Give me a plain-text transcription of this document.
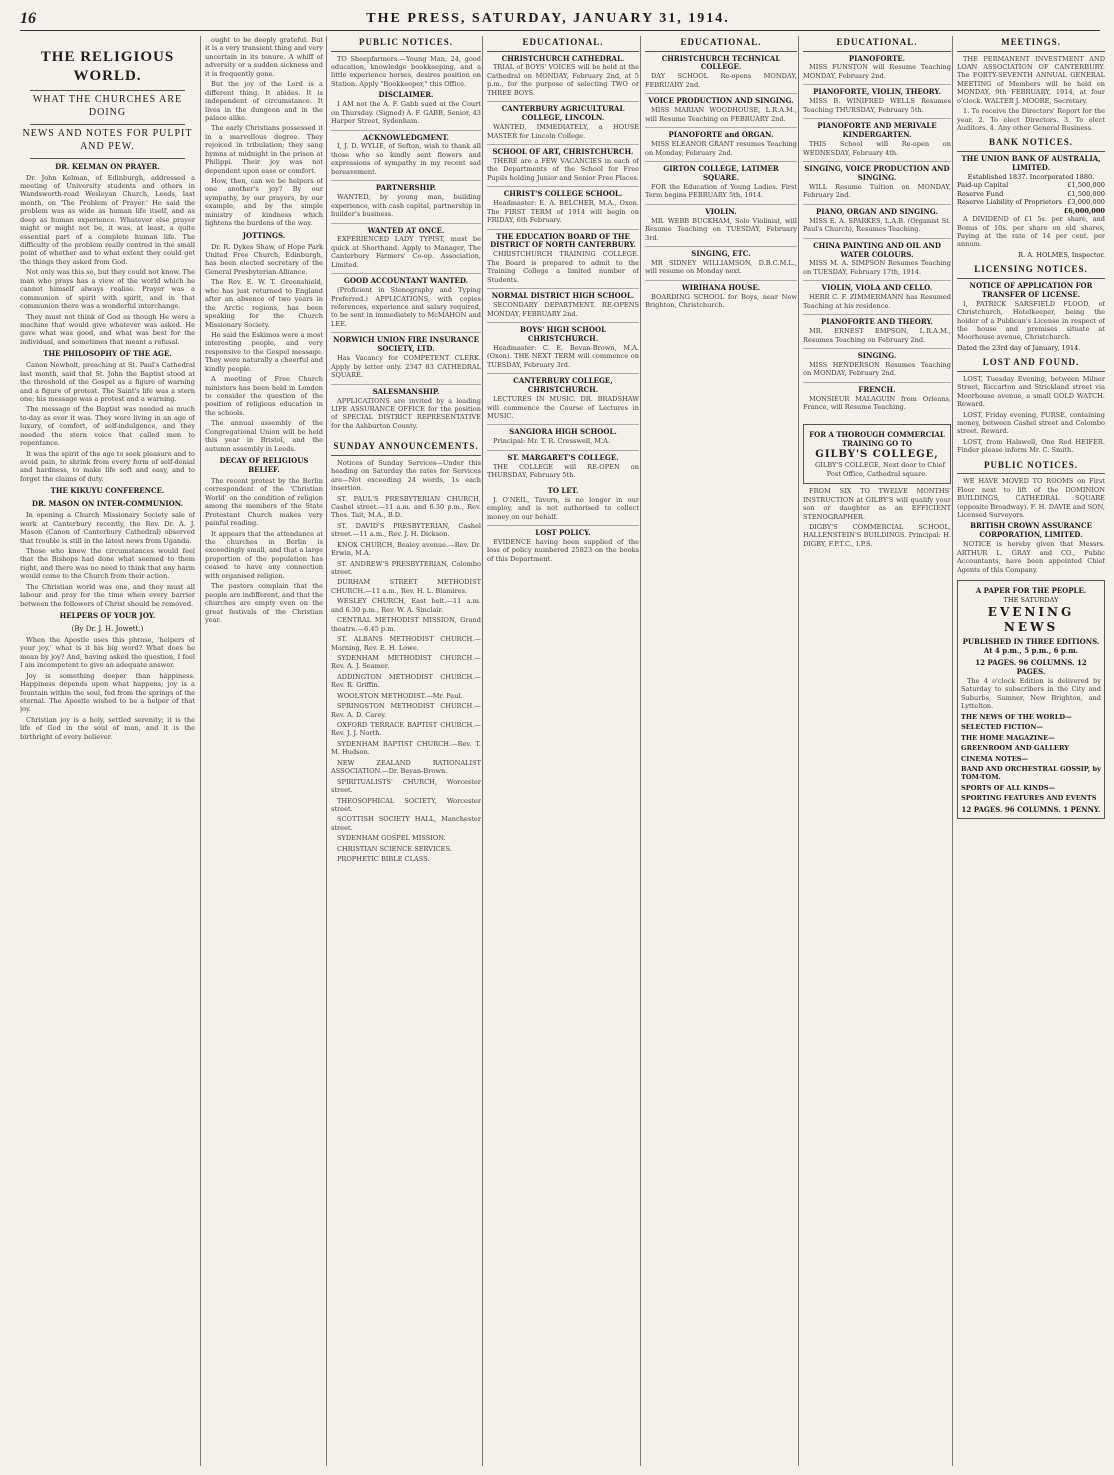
16	THE PRESS, SATURDAY, JANUARY 31, 1914.
THE RELIGIOUS WORLD.
WHAT THE CHURCHES ARE DOING
NEWS AND NOTES FOR PULPIT AND PEW.
DR. KELMAN ON PRAYER.

Dr. John Kelman, of Edinburgh, addressed a meeting of University students and others in Wandsworth-road Wesleyan Church, Leeds, last month, on 'The Problem of Prayer.' He said the problem was as wide as human life itself, and as deep as human experience. Whatever else prayer might or might not be, it was, at least, a quite essential part of a complete human life. The difficulty of the problem really centred in the small point of whether and to what extent they could get the things they asked from God.

Not only was this so, but they could not know. The man who prays has a view of the world which he cannot himself always realise. Prayer was a communion of spirit with spirit, and in that communion there was a wonderful interchange.

They must not think of God as though He were a machine that would give whatever was asked. He gave what was good, and what was best for the individual, and sometimes that meant a refusal.

THE PHILOSOPHY OF THE AGE.

Canon Newbolt, preaching at St. Paul's Cathedral last month, said that St. John the Baptist stood at the threshold of the Gospel as a figure of warning and a figure of protest. The Saint's life was a stern one; his message was a protest and a warning.

The message of the Baptist was needed as much to-day as ever it was. They were living in an age of luxury, of comfort, of self-indulgence, and they needed the stern voice that called men to repentance.

It was the spirit of the age to seek pleasure and to avoid pain, to shrink from every form of self-denial and hardness, to make life soft and easy, and to forget the claims of duty.

THE KIKUYU CONFERENCE.
DR. MASON ON INTER-COMMUNION.

In opening a Church Missionary Society sale of work at Canterbury recently, the Rev. Dr. A. J. Mason (Canon of Canterbury Cathedral) observed that trouble is still in the latest news from Uganda.

Those who knew the circumstances would feel that the Bishops had done what seemed to them right, and there was no need to think that any harm would come to the Church from their action.

The Christian world was one, and they must all labour and pray for the time when every barrier between the followers of Christ should be removed.

HELPERS OF YOUR JOY.
(By Dr. J. H. Jowett.)

When the Apostle uses this phrase, 'helpers of your joy,' what is it his big word? What does he mean by joy? And, having asked the question, I feel I am incompetent to give an adequate answer.

Joy is something deeper than happiness. Happiness depends upon what happens; joy is a fountain within the soul, fed from the springs of the eternal. The Apostle wished to be a helper of that joy.

Christian joy is a holy, settled serenity; it is the life of God in the soul of man, and it is the birthright of every believer.

ought to be deeply grateful. But it is a very transient thing and very uncertain in its tenure. A whiff of adversity or a sudden sickness and it is frequently gone.

But the joy of the Lord is a different thing. It abides. It is independent of circumstance. It lives in the dungeon and in the palace alike.

The early Christians possessed it in a marvellous degree. They rejoiced in tribulation; they sang hymns at midnight in the prison at Philippi. Their joy was not dependent upon ease or comfort.

How, then, can we be helpers of one another's joy? By our sympathy, by our prayers, by our example, and by the simple ministry of kindness which lightens the burdens of the way.

JOTTINGS.

Dr. R. Dykes Shaw, of Hope Park United Free Church, Edinburgh, has been elected secretary of the General Presbyterian Alliance.

The Rev. E. W. T. Greenshield, who has just returned to England after an absence of two years in the Arctic regions, has been speaking for the Church Missionary Society.

He said the Eskimos were a most interesting people, and very responsive to the Gospel message. They were naturally a cheerful and kindly people.

A meeting of Free Church ministers has been held in London to consider the question of the position of religious education in the schools.

The annual assembly of the Congregational Union will be held this year in Bristol, and the autumn assembly in Leeds.

DECAY OF RELIGIOUS BELIEF.

The recent protest by the Berlin correspondent of the 'Christian World' on the condition of religion among the members of the State Protestant Church makes very painful reading.

It appears that the attendance at the churches in Berlin is exceedingly small, and that a large proportion of the population has ceased to have any connection with organised religion.

The pastors complain that the people are indifferent, and that the churches are empty even on the great festivals of the Christian year.

PUBLIC NOTICES.

TO Sheepfarmers.—Young Man, 24, good education, knowledge bookkeeping, and a little experience horses, desires position on Station. Apply "Bookkeeper," this Office.

DISCLAIMER.

I AM not the A. F. Gabb sued at the Court on Thursday. (Signed) A. F. GABB, Senior, 43 Harper Street, Sydenham.

ACKNOWLEDGMENT.

I, J. D. WYLIE, of Sefton, wish to thank all those who so kindly sent flowers and expressions of sympathy in my recent sad bereavement.

PARTNERSHIP.

WANTED, by young man, building experience, with cash capital, partnership in builder's business.

WANTED AT ONCE.

EXPERIENCED LADY TYPIST, must be quick at Shorthand. Apply to Manager, The Canterbury Farmers' Co-op. Association, Limited.

GOOD ACCOUNTANT WANTED.

(Proficient in Stenography and Typing Preferred.) APPLICATIONS, with copies references, experience and salary required, to be sent in immediately to McMAHON and LEE.

NORWICH UNION FIRE INSURANCE SOCIETY, LTD.

Has Vacancy for COMPETENT CLERK. Apply by letter only. 2347 83 CATHEDRAL SQUARE.

SALESMANSHIP.

APPLICATIONS are invited by a leading LIFE ASSURANCE OFFICE for the position of SPECIAL DISTRICT REPRESENTATIVE for the Ashburton County.

SUNDAY ANNOUNCEMENTS.

Notices of Sunday Services—Under this heading on Saturday the rates for Services are—Not exceeding 24 words, 1s each insertion.

ST. PAUL'S PRESBYTERIAN CHURCH, Cashel street.—11 a.m. and 6.30 p.m., Rev. Thos. Tait, M.A., B.D.

ST. DAVID'S PRESBYTERIAN, Cashel street.—11 a.m., Rev. J. H. Dickson.

KNOX CHURCH, Bealey avenue.—Rev. Dr. Erwin, M.A.

ST. ANDREW'S PRESBYTERIAN, Colombo street.

DURHAM STREET METHODIST CHURCH.—11 a.m., Rev. H. L. Blamires.

WESLEY CHURCH, East belt.—11 a.m. and 6.30 p.m., Rev. W. A. Sinclair.

CENTRAL METHODIST MISSION, Grand theatre.—6.45 p.m.

ST. ALBANS METHODIST CHURCH.—Morning, Rev. E. H. Lowe.

SYDENHAM METHODIST CHURCH.—Rev. A. J. Seamer.

ADDINGTON METHODIST CHURCH.—Rev. R. Griffin.

WOOLSTON METHODIST.—Mr. Paul.

SPRINGSTON METHODIST CHURCH.—Rev. A. D. Carey.

OXFORD TERRACE BAPTIST CHURCH.—Rev. J. J. North.

SYDENHAM BAPTIST CHURCH.—Rev. T. M. Hudson.

NEW ZEALAND RATIONALIST ASSOCIATION.—Dr. Bevan-Brown.

SPIRITUALISTS' CHURCH, Worcester street.

THEOSOPHICAL SOCIETY, Worcester street.

SCOTTISH SOCIETY HALL, Manchester street.

SYDENHAM GOSPEL MISSION.

CHRISTIAN SCIENCE SERVICES.

PROPHETIC BIBLE CLASS.

EDUCATIONAL.
CHRISTCHURCH CATHEDRAL.

TRIAL of BOYS' VOICES will be held at the Cathedral on MONDAY, February 2nd, at 5 p.m., for the purpose of selecting TWO or THREE BOYS.

CANTERBURY AGRICULTURAL COLLEGE, LINCOLN.

WANTED, IMMEDIATELY, a HOUSE MASTER for Lincoln College.

SCHOOL OF ART, CHRISTCHURCH.

THERE are a FEW VACANCIES in each of the Departments of the School for Free Pupils holding Junior and Senior Free Places.

CHRIST'S COLLEGE SCHOOL.

Headmaster: E. A. BELCHER, M.A., Oxon. The FIRST TERM of 1914 will begin on FRIDAY, 6th February.

THE EDUCATION BOARD OF THE DISTRICT OF NORTH CANTERBURY.

CHRISTCHURCH TRAINING COLLEGE. The Board is prepared to admit to the Training College a limited number of Students.

NORMAL DISTRICT HIGH SCHOOL.

SECONDARY DEPARTMENT. RE-OPENS MONDAY, FEBRUARY 2nd.

BOYS' HIGH SCHOOL CHRISTCHURCH.

Headmaster: C. E. Bevan-Brown, M.A. (Oxon). THE NEXT TERM will commence on TUESDAY, February 3rd.

CANTERBURY COLLEGE, CHRISTCHURCH.

LECTURES IN MUSIC. DR. BRADSHAW will commence the Course of Lectures in MUSIC.

SANGIORA HIGH SCHOOL.

Principal: Mr. T. R. Cresswell, M.A.

ST. MARGARET'S COLLEGE.

THE COLLEGE will RE-OPEN on THURSDAY, February 5th.

TO LET.

J. O'NEIL, Tavern, is no longer in our employ, and is not authorised to collect money on our behalf.

LOST POLICY.

EVIDENCE having been supplied of the loss of policy numbered 25823 on the books of this Department.

EDUCATIONAL.
CHRISTCHURCH TECHNICAL COLLEGE.

DAY SCHOOL Re-opens MONDAY, FEBRUARY 2nd.

VOICE PRODUCTION AND SINGING.

MISS MARIAN WOODHOUSE, L.R.A.M., will Resume Teaching on FEBRUARY 2nd.

PIANOFORTE and ORGAN.

MISS ELEANOR GRANT resumes Teaching on Monday, February 2nd.

GIRTON COLLEGE, LATIMER SQUARE.

FOR the Education of Young Ladies. First Term begins FEBRUARY 5th, 1914.

VIOLIN.

MR. WEBB BUCKHAM, Solo Violinist, will Resume Teaching on TUESDAY, February 3rd.

SINGING, ETC.

MR SIDNEY WILLIAMSON, D.B.C.M.L., will resume on Monday next.

WIRIHANA HOUSE.

BOARDING SCHOOL for Boys, near New Brighton, Christchurch.

EDUCATIONAL.
PIANOFORTE.

MISS FUNSTON will Resume Teaching MONDAY, February 2nd.

PIANOFORTE, VIOLIN, THEORY.

MISS B. WINIFRED WELLS Resumes Teaching THURSDAY, February 5th.

PIANOFORTE AND MERIVALE KINDERGARTEN.

THIS School will Re-open on WEDNESDAY, February 4th.

SINGING, VOICE PRODUCTION AND SINGING.

WILL Resume Tuition on MONDAY, February 2nd.

PIANO, ORGAN AND SINGING.

MISS E. A. SPARKES, L.A.B. (Organist St. Paul's Church), Resumes Teaching.

CHINA PAINTING AND OIL AND WATER COLOURS.

MISS M. A. SIMPSON Resumes Teaching on TUESDAY, February 17th, 1914.

VIOLIN, VIOLA AND CELLO.

HERR C. F. ZIMMERMANN has Resumed Teaching at his residence.

PIANOFORTE AND THEORY.

MR. ERNEST EMPSON, L.R.A.M., Resumes Teaching on February 2nd.

SINGING.

MISS HENDERSON Resumes Teaching on MONDAY, February 2nd.

FRENCH.

MONSIEUR MALAGUIN from Orleans, France, will Resume Teaching.

FOR A THOROUGH COMMERCIAL TRAINING GO TO
GILBY'S COLLEGE,

GILBY'S COLLEGE, Next door to Chief Post Office, Cathedral square.

FROM SIX TO TWELVE MONTHS' INSTRUCTION at GILBY'S will qualify your son or daughter as an EFFICIENT STENOGRAPHER.

DIGBY'S COMMERCIAL SCHOOL, HALLENSTEIN'S BUILDINGS. Principal: H. DIGBY, F.P.T.C., I.P.S.

MEETINGS.

THE PERMANENT INVESTMENT AND LOAN ASSOCIATION OF CANTERBURY. The FORTY-SEVENTH ANNUAL GENERAL MEETING of Members will be held on MONDAY, 9th FEBRUARY, 1914, at four o'clock. WALTER J. MOORE, Secretary.

1. To receive the Directors' Report for the year. 2. To elect Directors. 3. To elect Auditors. 4. Any other General Business.

BANK NOTICES.
THE UNION BANK OF AUSTRALIA, LIMITED.
Established 1837. Incorporated 1880.
Paid-up Capital	£1,500,000
Reserve Fund	£1,500,000
Reserve Liability of Proprietors £3,000,000
£6,000,000

A DIVIDEND of £1 5s. per share, and Bonus of 10s. per share on old shares, Paying at the rate of 14 per cent. per annum.

R. A. HOLMES, Inspector.
LICENSING NOTICES.
NOTICE OF APPLICATION FOR TRANSFER OF LICENSE.

I, PATRICK SARSFIELD FLOOD, of Christchurch, Hotelkeeper, being the holder of a Publican's License in respect of the house and premises situate at Moorhouse avenue, Christchurch.

Dated the 23rd day of January, 1914.
LOST AND FOUND.

LOST, Tuesday Evening, between Milner Street, Riccarton and Strickland street via Moorhouse avenue, a small GOLD WATCH. Reward.

LOST, Friday evening, PURSE, containing money, between Cashel street and Colombo street. Reward.

LOST, from Halswell, One Red HEIFER. Finder please inform Mr. C. Smith.

PUBLIC NOTICES.

WE HAVE MOVED TO ROOMS on First Floor next to lift of the DOMINION BUILDINGS, CATHEDRAL SQUARE (opposite Broadway). F. H. DAVIE and SON, Licensed Surveyors.

BRITISH CROWN ASSURANCE CORPORATION, LIMITED.

NOTICE is hereby given that Messrs. ARTHUR L. GRAY and CO., Public Accountants, have been appointed Chief Agents of this Company.

A PAPER FOR THE PEOPLE.
THE SATURDAY
EVENING NEWS
PUBLISHED IN THREE EDITIONS. At 4 p.m., 5 p.m., 6 p.m.
12 PAGES. 96 COLUMNS. 12 PAGES.

The 4 o'clock Edition is delivered by Saturday to subscribers in the City and Suburbs, Sumner, New Brighton, and Lyttelton.

THE NEWS OF THE WORLD—
SELECTED FICTION—
THE HOME MAGAZINE—
GREENROOM AND GALLERY
CINEMA NOTES—
BAND AND ORCHESTRAL GOSSIP, by TOM-TOM.
SPORTS OF ALL KINDS—
SPORTING FEATURES AND EVENTS
12 PAGES. 96 COLUMNS. 1 PENNY.
